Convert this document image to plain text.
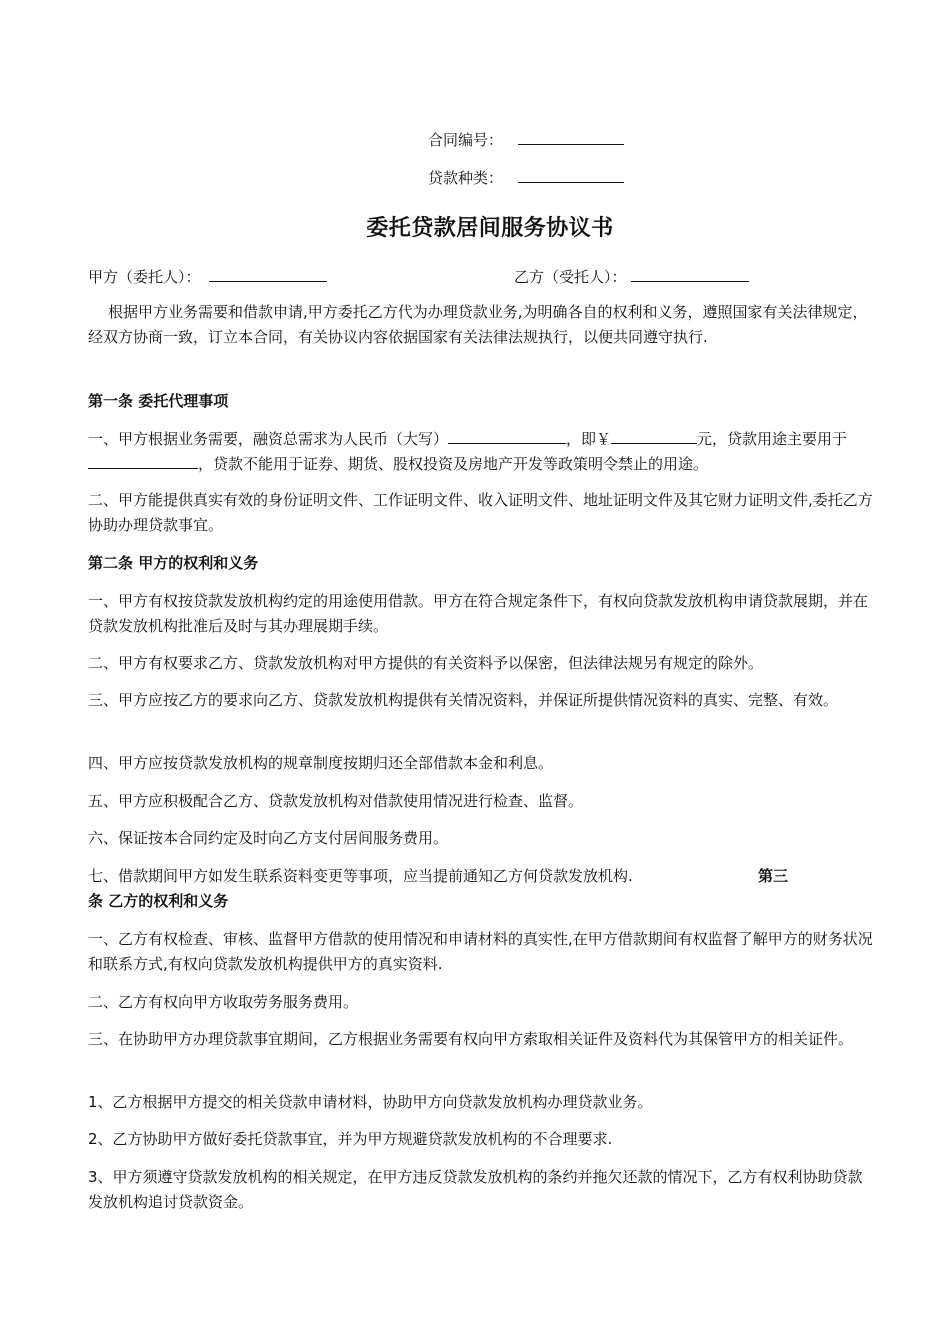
合同编号：
贷款种类：
委托贷款居间服务协议书
甲方（委托人）：	乙方（受托人）：

根据甲方业务需要和借款申请,甲方委托乙方代为办理贷款业务,为明确各自的权利和义务，遵照国家有关法律规定，经双方协商一致，订立本合同，有关协议内容依据国家有关法律法规执行，以便共同遵守执行.

第一条 委托代理事项

一、甲方根据业务需要，融资总需求为人民币（大写）	，即￥	元，贷款用途主要用于，贷款不能用于证券、期货、股权投资及房地产开发等政策明令禁止的用途。

二、甲方能提供真实有效的身份证明文件、工作证明文件、收入证明文件、地址证明文件及其它财力证明文件,委托乙方协助办理贷款事宜。

第二条 甲方的权利和义务

一、甲方有权按贷款发放机构约定的用途使用借款。甲方在符合规定条件下，有权向贷款发放机构申请贷款展期，并在贷款发放机构批准后及时与其办理展期手续。

二、甲方有权要求乙方、贷款发放机构对甲方提供的有关资料予以保密，但法律法规另有规定的除外。

三、甲方应按乙方的要求向乙方、贷款发放机构提供有关情况资料，并保证所提供情况资料的真实、完整、有效。

四、甲方应按贷款发放机构的规章制度按期归还全部借款本金和利息。

五、甲方应积极配合乙方、贷款发放机构对借款使用情况进行检查、监督。

六、保证按本合同约定及时向乙方支付居间服务费用。

七、借款期间甲方如发生联系资料变更等事项，应当提前通知乙方何贷款发放机构.	第三

条 乙方的权利和义务

一、乙方有权检查、审核、监督甲方借款的使用情况和申请材料的真实性,在甲方借款期间有权监督了解甲方的财务状况和联系方式,有权向贷款发放机构提供甲方的真实资料.

二、乙方有权向甲方收取劳务服务费用。

三、在协助甲方办理贷款事宜期间，乙方根据业务需要有权向甲方索取相关证件及资料代为其保管甲方的相关证件。

1、乙方根据甲方提交的相关贷款申请材料，协助甲方向贷款发放机构办理贷款业务。

2、乙方协助甲方做好委托贷款事宜，并为甲方规避贷款发放机构的不合理要求.

3、甲方须遵守贷款发放机构的相关规定，在甲方违反贷款发放机构的条约并拖欠还款的情况下，乙方有权利协助贷款发放机构追讨贷款资金。
